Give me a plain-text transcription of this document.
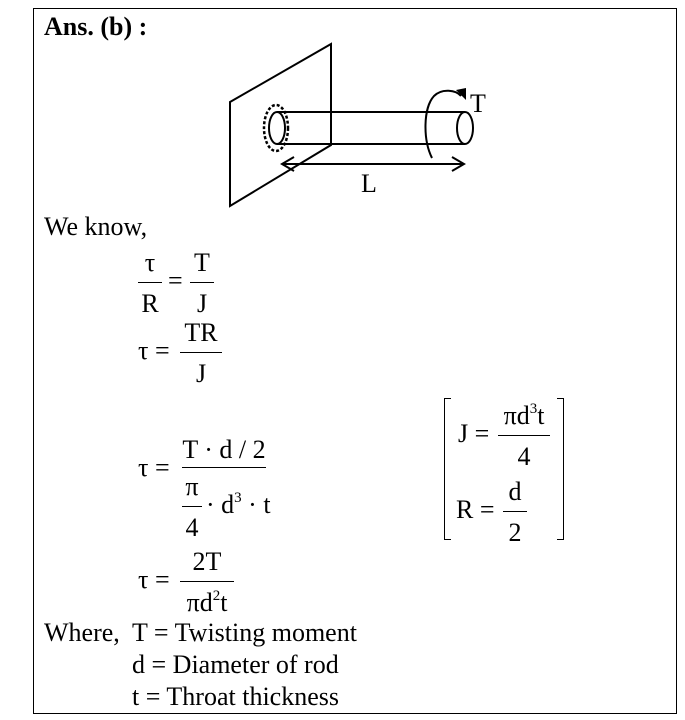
Ans. (b) :
T
L
We know,
τ
R
=
T
J
τ =
TR
J
τ =
T · d / 2
π
4
· $d^3 \cdot t$
J =
$\pi d^3t$
4
R =
d
2
τ =
2T
$\pi d^2t$
Where, T = Twisting moment
d = Diameter of rod
t = Throat thickness
